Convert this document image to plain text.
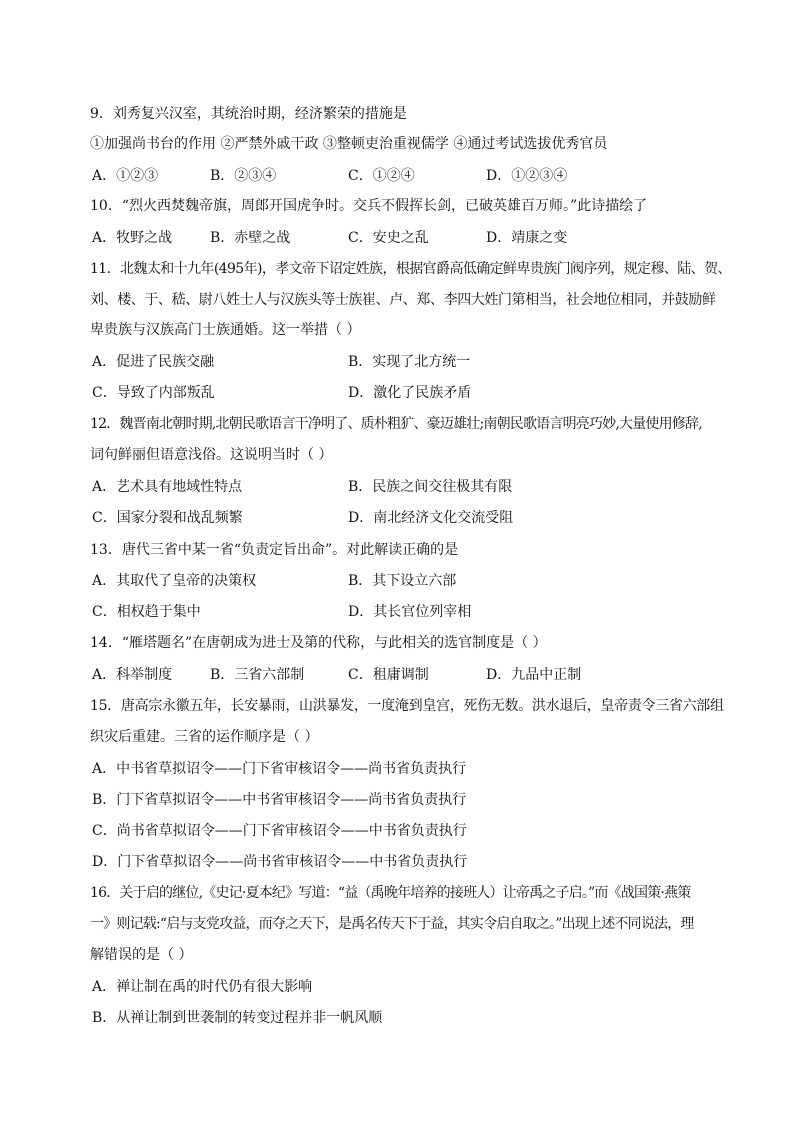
9．刘秀复兴汉室，其统治时期，经济繁荣的措施是
①加强尚书台的作用 ②严禁外戚干政 ③整顿吏治重视儒学 ④通过考试选拔优秀官员
A．①②③	B．②③④	C．①②④	D．①②③④
10．“烈火西焚魏帝旗，周郎开国虎争时。交兵不假挥长剑，已破英雄百万师。”此诗描绘了
A．牧野之战	B．赤壁之战	C．安史之乱	D．靖康之变
11．北魏太和十九年(495年)，孝文帝下诏定姓族，根据官爵高低确定鲜卑贵族门阀序列，规定穆、陆、贺、
刘、楼、于、嵇、尉八姓士人与汉族头等士族崔、卢、郑、李四大姓门第相当，社会地位相同，并鼓励鲜
卑贵族与汉族高门士族通婚。这一举措（ ）
A．促进了民族交融	B．实现了北方统一
C．导致了内部叛乱	D．激化了民族矛盾
12．魏晋南北朝时期,北朝民歌语言干净明了、质朴粗犷、豪迈雄壮;南朝民歌语言明亮巧妙,大量使用修辞,
词句鲜丽但语意浅俗。这说明当时（ ）
A．艺术具有地域性特点	B．民族之间交往极其有限
C．国家分裂和战乱频繁	D．南北经济文化交流受阻
13．唐代三省中某一省“负责定旨出命”。对此解读正确的是
A．其取代了皇帝的决策权	B．其下设立六部
C．相权趋于集中	D．其长官位列宰相
14．“雁塔题名”在唐朝成为进士及第的代称，与此相关的选官制度是（ ）
A．科举制度	B．三省六部制	C．租庸调制	D．九品中正制
15．唐高宗永徽五年，长安暴雨，山洪暴发，一度淹到皇宫，死伤无数。洪水退后，皇帝责令三省六部组
织灾后重建。三省的运作顺序是（ ）
A．中书省草拟诏令——门下省审核诏令——尚书省负责执行
B．门下省草拟诏令——中书省审核诏令——尚书省负责执行
C．尚书省草拟诏令——门下省审核诏令——中书省负责执行
D．门下省草拟诏令——尚书省审核诏令——中书省负责执行
16．关于启的继位,《史记·夏本纪》写道：“益（禹晚年培养的接班人）让帝禹之子启。”而《战国策·燕策
一》则记载:“启与支党攻益，而夺之天下，是禹名传天下于益，其实令启自取之。”出现上述不同说法，理
解错误的是（ ）
A．禅让制在禹的时代仍有很大影响
B．从禅让制到世袭制的转变过程并非一帆风顺
